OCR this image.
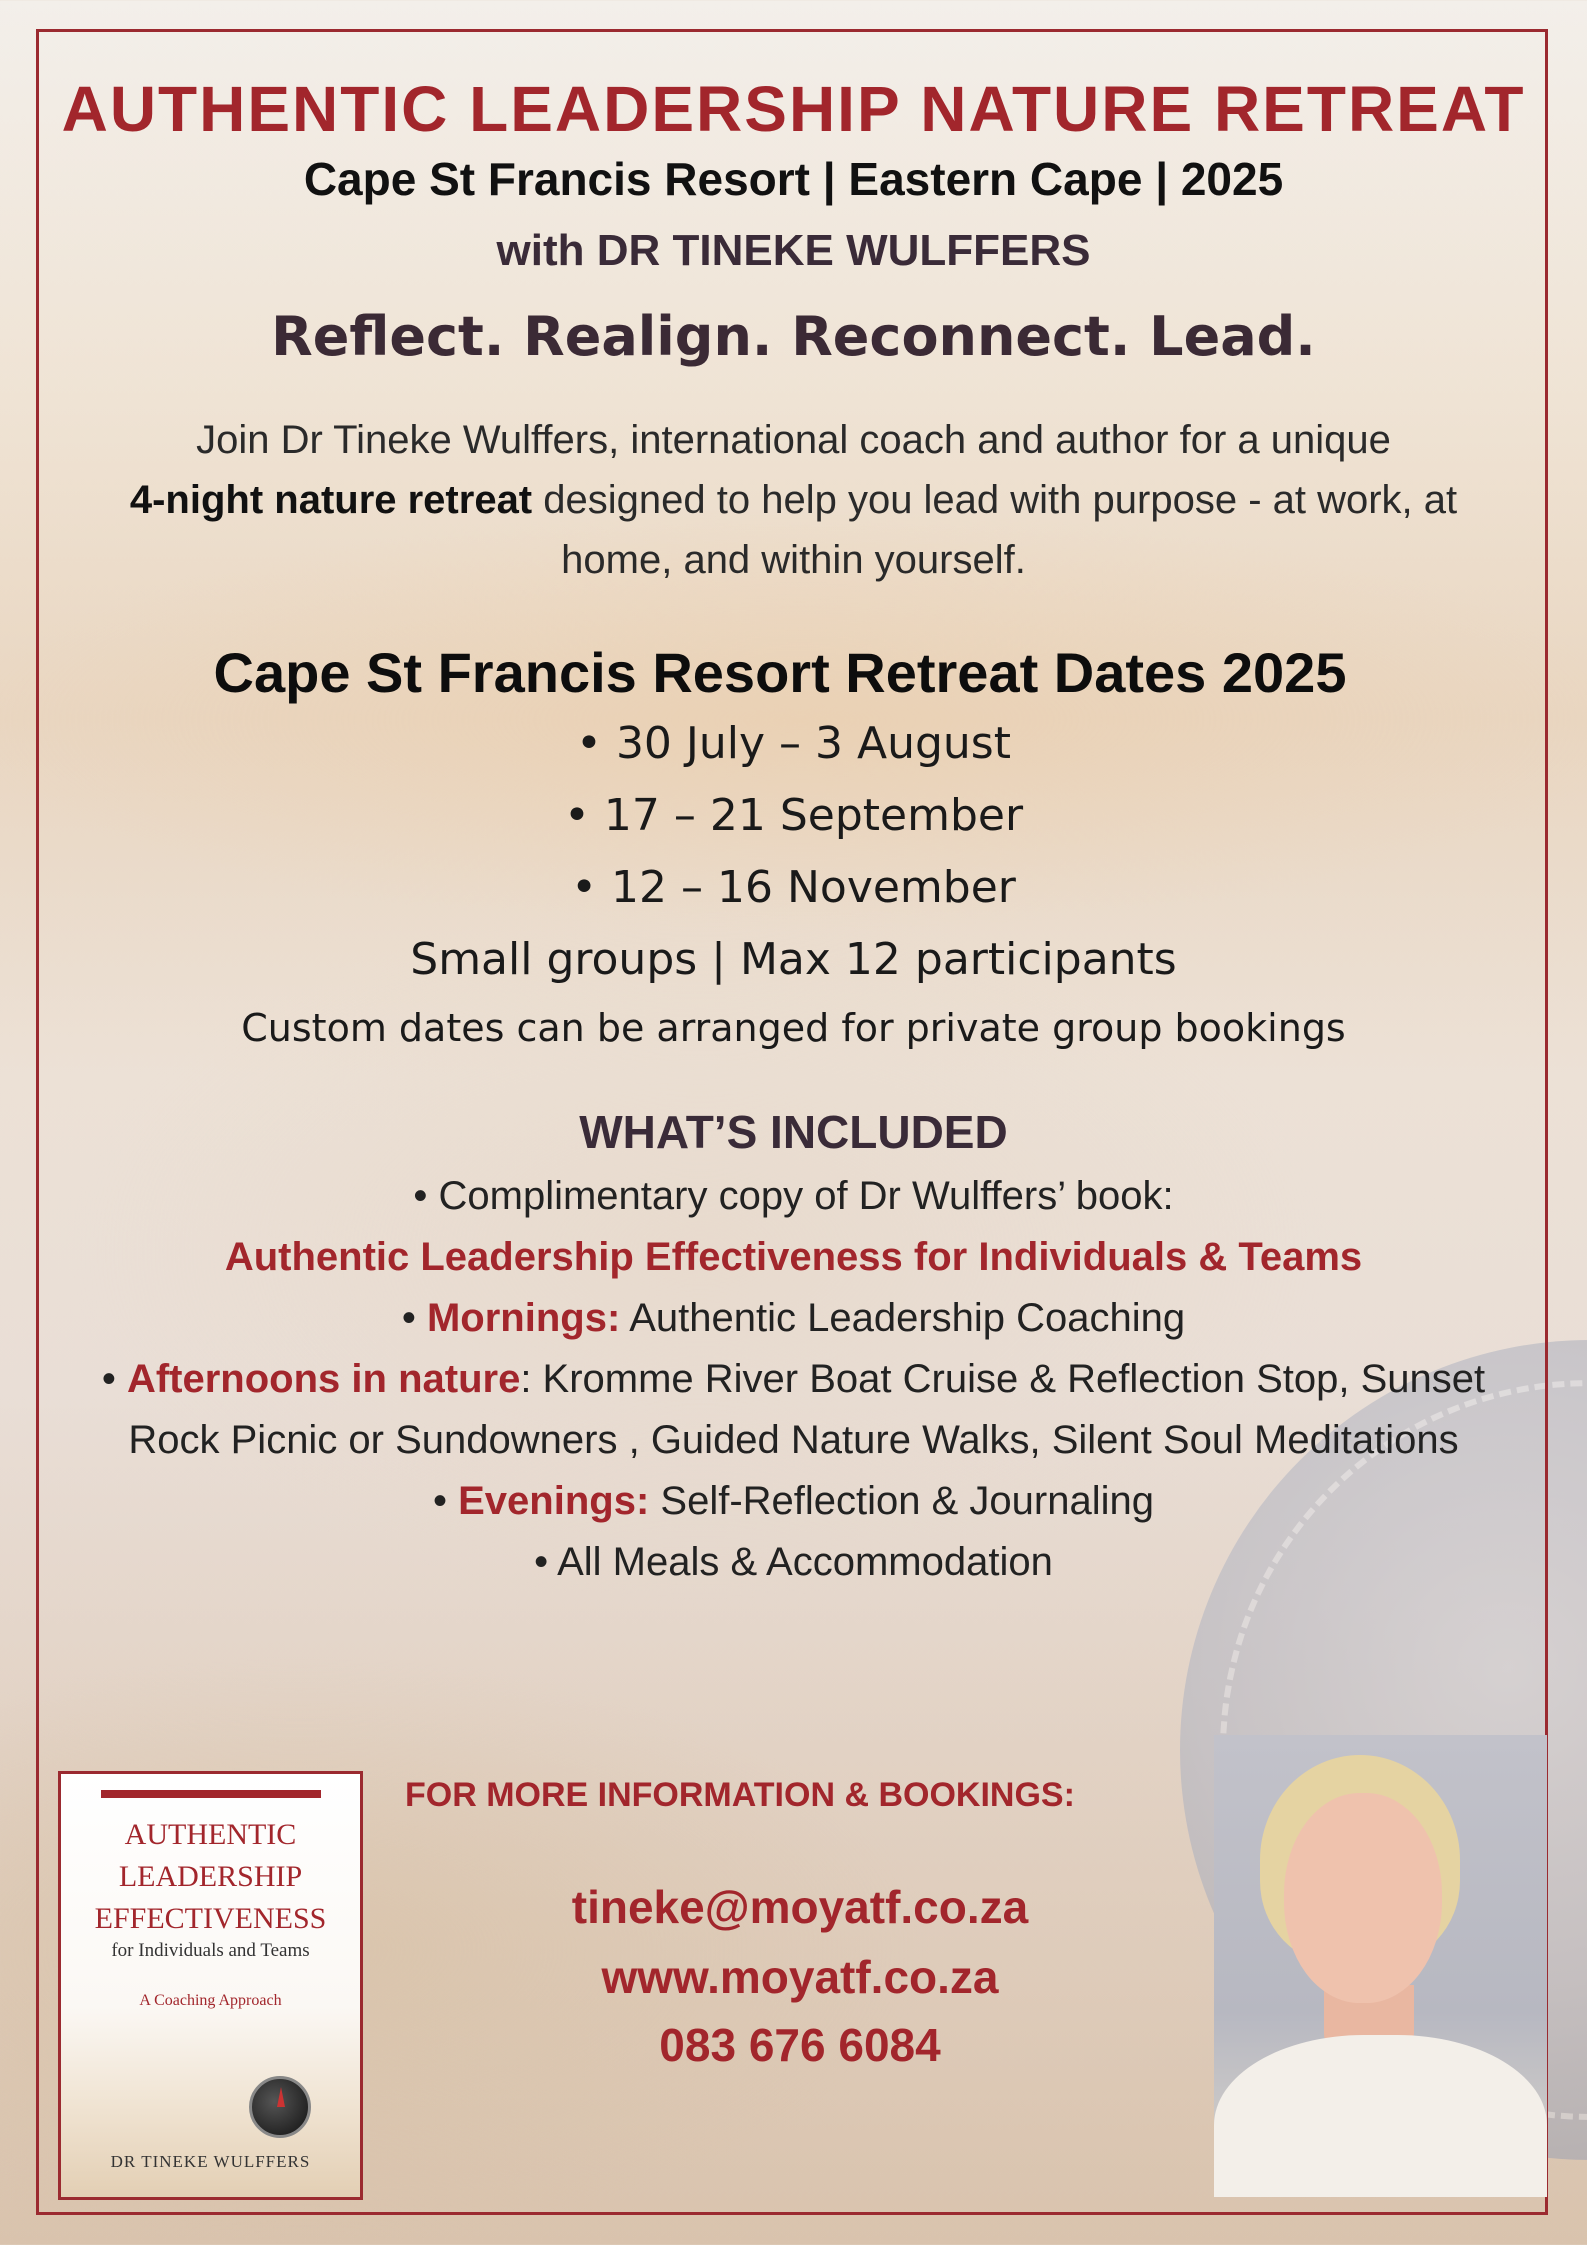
AUTHENTIC LEADERSHIP NATURE RETREAT
Cape St Francis Resort | Eastern Cape | 2025
with DR TINEKE WULFFERS
Reflect. Realign. Reconnect. Lead.
Join Dr Tineke Wulffers, international coach and author for a unique
4-night nature retreat designed to help you lead with purpose - at work, at home, and within yourself.
Cape St Francis Resort Retreat Dates 2025
• 30 July – 3 August
• 17 – 21 September
• 12 – 16 November
Small groups | Max 12 participants
Custom dates can be arranged for private group bookings
WHAT’S INCLUDED
• Complimentary copy of Dr Wulffers’ book:
Authentic Leadership Effectiveness for Individuals & Teams
• Mornings: Authentic Leadership Coaching
• Afternoons in nature: Kromme River Boat Cruise & Reflection Stop, Sunset Rock Picnic or Sundowners , Guided Nature Walks, Silent Soul Meditations
• Evenings: Self-Reflection & Journaling
• All Meals & Accommodation
AUTHENTIC
LEADERSHIP
EFFECTIVENESS
for Individuals and Teams
A Coaching Approach
DR TINEKE WULFFERS
FOR MORE INFORMATION & BOOKINGS:
tineke@moyatf.co.za
www.moyatf.co.za
083 676 6084
